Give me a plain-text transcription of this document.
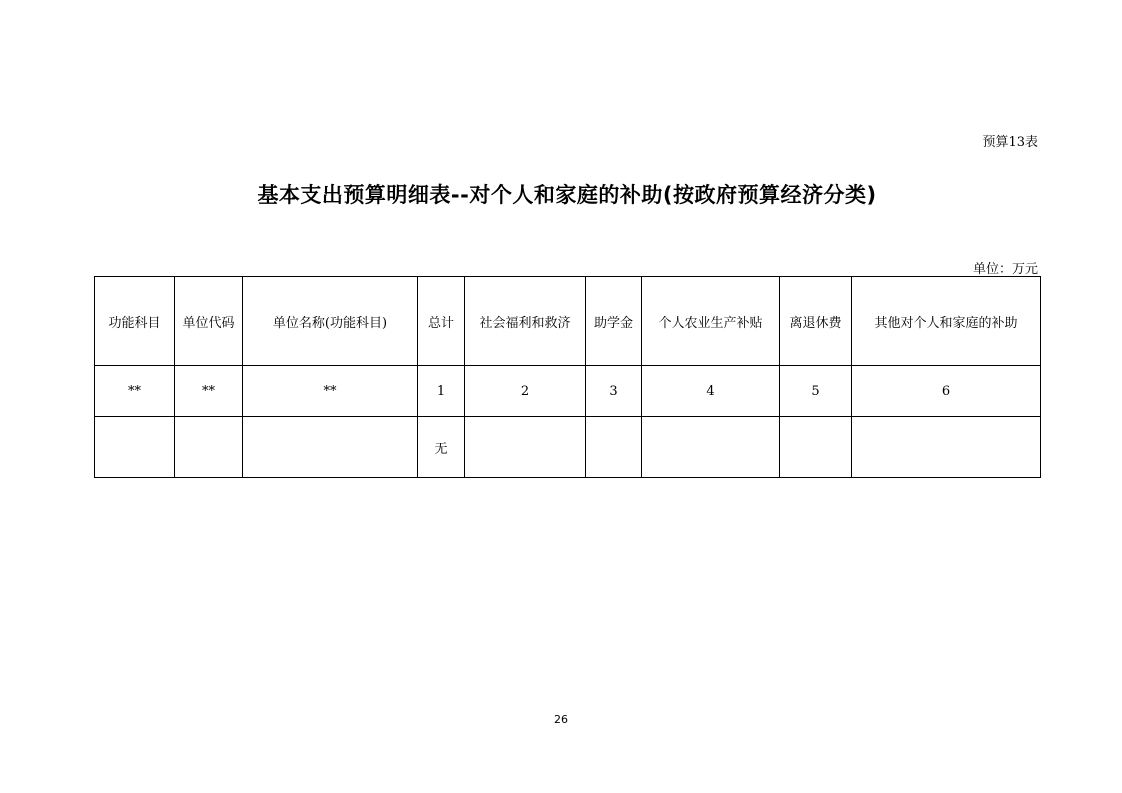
预算13表
基本支出预算明细表--对个人和家庭的补助(按政府预算经济分类)
单位：万元
功能科目	单位代码	单位名称(功能科目)	总计	社会福利和救济	助学金	个人农业生产补贴	离退休费	其他对个人和家庭的补助
**	**	**	1	2	3	4	5	6
			无					
26
